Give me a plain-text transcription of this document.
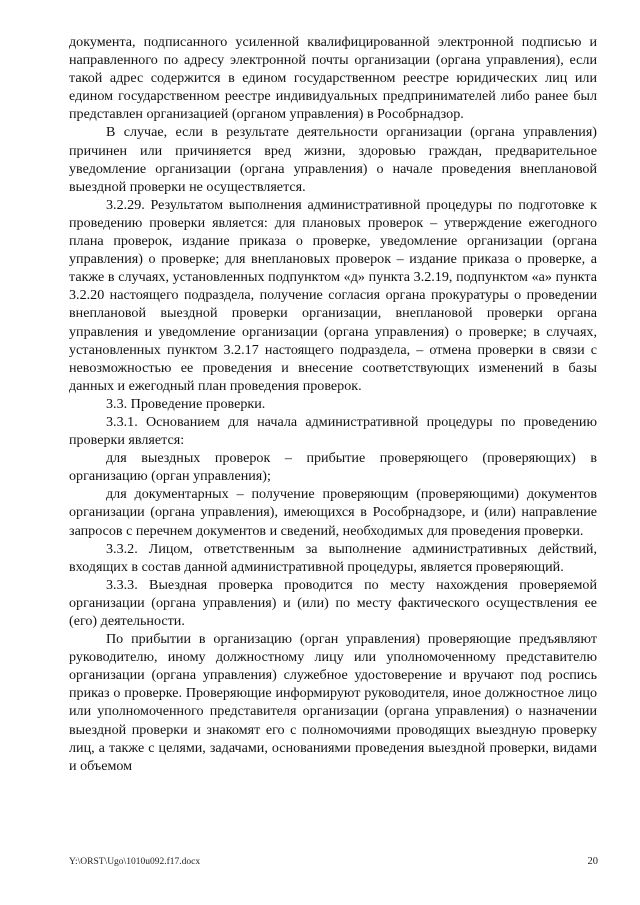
документа, подписанного усиленной квалифицированной электронной подписью и направленного по адресу электронной почты организации (органа управления), если такой адрес содержится в едином государственном реестре юридических лиц или едином государственном реестре индивидуальных предпринимателей либо ранее был представлен организацией (органом управления) в Рособрнадзор.

В случае, если в результате деятельности организации (органа управления) причинен или причиняется вред жизни, здоровью граждан, предварительное уведомление организации (органа управления) о начале проведения внеплановой выездной проверки не осуществляется.

3.2.29. Результатом выполнения административной процедуры по подготовке к проведению проверки является: для плановых проверок – утверждение ежегодного плана проверок, издание приказа о проверке, уведомление организации (органа управления) о проверке; для внеплановых проверок – издание приказа о проверке, а также в случаях, установленных подпунктом «д» пункта 3.2.19, подпунктом «а» пункта 3.2.20 настоящего подраздела, получение согласия органа прокуратуры о проведении внеплановой выездной проверки организации, внеплановой проверки органа управления и уведомление организации (органа управления) о проверке; в случаях, установленных пунктом 3.2.17 настоящего подраздела, – отмена проверки в связи с невозможностью ее проведения и внесение соответствующих изменений в базы данных и ежегодный план проведения проверок.

3.3. Проведение проверки.

3.3.1. Основанием для начала административной процедуры по проведению проверки является:

для выездных проверок – прибытие проверяющего (проверяющих) в организацию (орган управления);

для документарных – получение проверяющим (проверяющими) документов организации (органа управления), имеющихся в Рособрнадзоре, и (или) направление запросов с перечнем документов и сведений, необходимых для проведения проверки.

3.3.2. Лицом, ответственным за выполнение административных действий, входящих в состав данной административной процедуры, является проверяющий.

3.3.3. Выездная проверка проводится по месту нахождения проверяемой организации (органа управления) и (или) по месту фактического осуществления ее (его) деятельности.

По прибытии в организацию (орган управления) проверяющие предъявляют руководителю, иному должностному лицу или уполномоченному представителю организации (органа управления) служебное удостоверение и вручают под роспись приказ о проверке. Проверяющие информируют руководителя, иное должностное лицо или уполномоченного представителя организации (органа управления) о назначении выездной проверки и знакомят его с полномочиями проводящих выездную проверку лиц, а также с целями, задачами, основаниями проведения выездной проверки, видами и объемом

Y:\ORST\Ugo\1010u092.f17.docx	20
